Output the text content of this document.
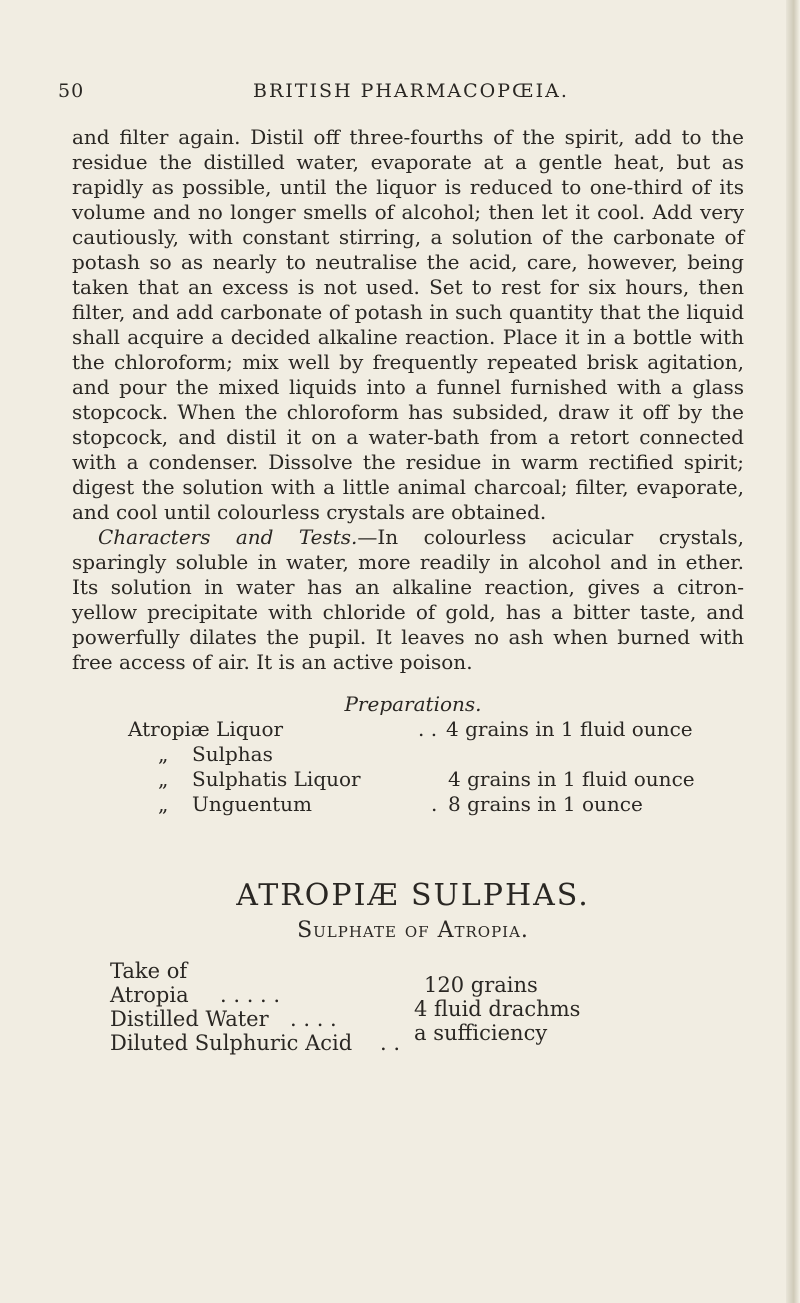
50	BRITISH PHARMACOPŒIA.

and filter again. Distil off three-fourths of the spirit, add to the residue the distilled water, evaporate at a gentle heat, but as rapidly as possible, until the liquor is reduced to one-third of its volume and no longer smells of alcohol; then let it cool. Add very cautiously, with constant stirring, a solution of the carbonate of potash so as nearly to neutralise the acid, care, however, being taken that an excess is not used. Set to rest for six hours, then filter, and add carbonate of potash in such quantity that the liquid shall acquire a decided alkaline reaction. Place it in a bottle with the chloroform; mix well by frequently repeated brisk agitation, and pour the mixed liquids into a funnel furnished with a glass stopcock. When the chloroform has subsided, draw it off by the stopcock, and distil it on a water-bath from a retort connected with a condenser. Dissolve the residue in warm rectified spirit; digest the solution with a little animal charcoal; filter, evaporate, and cool until colourless crystals are obtained.

Characters and Tests.—In colourless acicular crystals, sparingly soluble in water, more readily in alcohol and in ether. Its solution in water has an alkaline reaction, gives a citron-yellow precipitate with chloride of gold, has a bitter taste, and powerfully dilates the pupil. It leaves no ash when burned with free access of air. It is an active poison.

Preparations.
Atropiæ Liquor	. . 4 grains in 1 fluid ounce
„	Sulphas
„	Sulphatis Liquor	4 grains in 1 fluid ounce
„	Unguentum	. 8 grains in 1 ounce
ATROPIÆ SULPHAS.
Sulphate of Atropia.
Take of
Atropia . . . . .	120 grains
Distilled Water . . . .	4 fluid drachms
Diluted Sulphuric Acid . . a sufficiency
